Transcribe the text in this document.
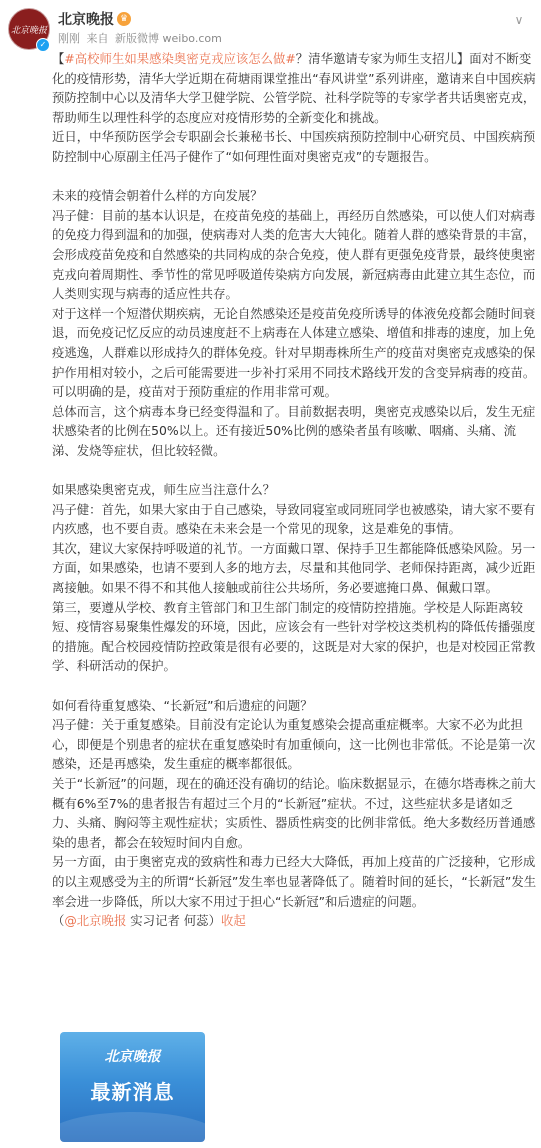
北京晚报
✓
北京晚报 ♛
刚刚 来自 新版微博 weibo.com
∨

【#高校师生如果感染奥密克戎应该怎么做#？清华邀请专家为师生支招儿】面对不断变化的疫情形势，清华大学近期在荷塘雨课堂推出“春风讲堂”系列讲座，邀请来自中国疾病预防控制中心以及清华大学卫健学院、公管学院、社科学院等的专家学者共话奥密克戎，帮助师生以理性科学的态度应对疫情形势的全新变化和挑战。

近日，中华预防医学会专职副会长兼秘书长、中国疾病预防控制中心研究员、中国疾病预防控制中心原副主任冯子健作了“如何理性面对奥密克戎”的专题报告。

未来的疫情会朝着什么样的方向发展？

冯子健：目前的基本认识是，在疫苗免疫的基础上，再经历自然感染，可以使人们对病毒的免疫力得到温和的加强，使病毒对人类的危害大大钝化。随着人群的感染背景的丰富，会形成疫苗免疫和自然感染的共同构成的杂合免疫，使人群有更强免疫背景，最终使奥密克戎向着周期性、季节性的常见呼吸道传染病方向发展，新冠病毒由此建立其生态位，而人类则实现与病毒的适应性共存。

对于这样一个短潜伏期疾病，无论自然感染还是疫苗免疫所诱导的体液免疫都会随时间衰退，而免疫记忆反应的动员速度赶不上病毒在人体建立感染、增值和排毒的速度，加上免疫逃逸，人群难以形成持久的群体免疫。针对早期毒株所生产的疫苗对奥密克戎感染的保护作用相对较小，之后可能需要进一步补打采用不同技术路线开发的含变异病毒的疫苗。可以明确的是，疫苗对于预防重症的作用非常可观。

总体而言，这个病毒本身已经变得温和了。目前数据表明，奥密克戎感染以后，发生无症状感染者的比例在50%以上。还有接近50%比例的感染者虽有咳嗽、咽痛、头痛、流涕、发烧等症状，但比较轻微。

如果感染奥密克戎，师生应当注意什么？

冯子健：首先，如果大家由于自己感染，导致同寝室或同班同学也被感染，请大家不要有内疚感，也不要自责。感染在未来会是一个常见的现象，这是难免的事情。

其次，建议大家保持呼吸道的礼节。一方面戴口罩、保持手卫生都能降低感染风险。另一方面，如果感染，也请不要到人多的地方去，尽量和其他同学、老师保持距离，减少近距离接触。如果不得不和其他人接触或前往公共场所，务必要遮掩口鼻、佩戴口罩。

第三，要遵从学校、教育主管部门和卫生部门制定的疫情防控措施。学校是人际距离较短、疫情容易聚集性爆发的环境，因此，应该会有一些针对学校这类机构的降低传播强度的措施。配合校园疫情防控政策是很有必要的，这既是对大家的保护，也是对校园正常教学、科研活动的保护。

如何看待重复感染、“长新冠”和后遗症的问题？

冯子健：关于重复感染。目前没有定论认为重复感染会提高重症概率。大家不必为此担心，即便是个别患者的症状在重复感染时有加重倾向，这一比例也非常低。不论是第一次感染，还是再感染，发生重症的概率都很低。

关于“长新冠”的问题，现在的确还没有确切的结论。临床数据显示，在德尔塔毒株之前大概有6%至7%的患者报告有超过三个月的“长新冠”症状。不过，这些症状多是诸如乏力、头痛、胸闷等主观性症状；实质性、器质性病变的比例非常低。绝大多数经历普通感染的患者，都会在较短时间内自愈。

另一方面，由于奥密克戎的致病性和毒力已经大大降低，再加上疫苗的广泛接种，它形成的以主观感受为主的所谓“长新冠”发生率也显著降低了。随着时间的延长，“长新冠”发生率会进一步降低，所以大家不用过于担心“长新冠”和后遗症的问题。

（@北京晚报 实习记者 何蕊）收起

北京晚报
最新消息
